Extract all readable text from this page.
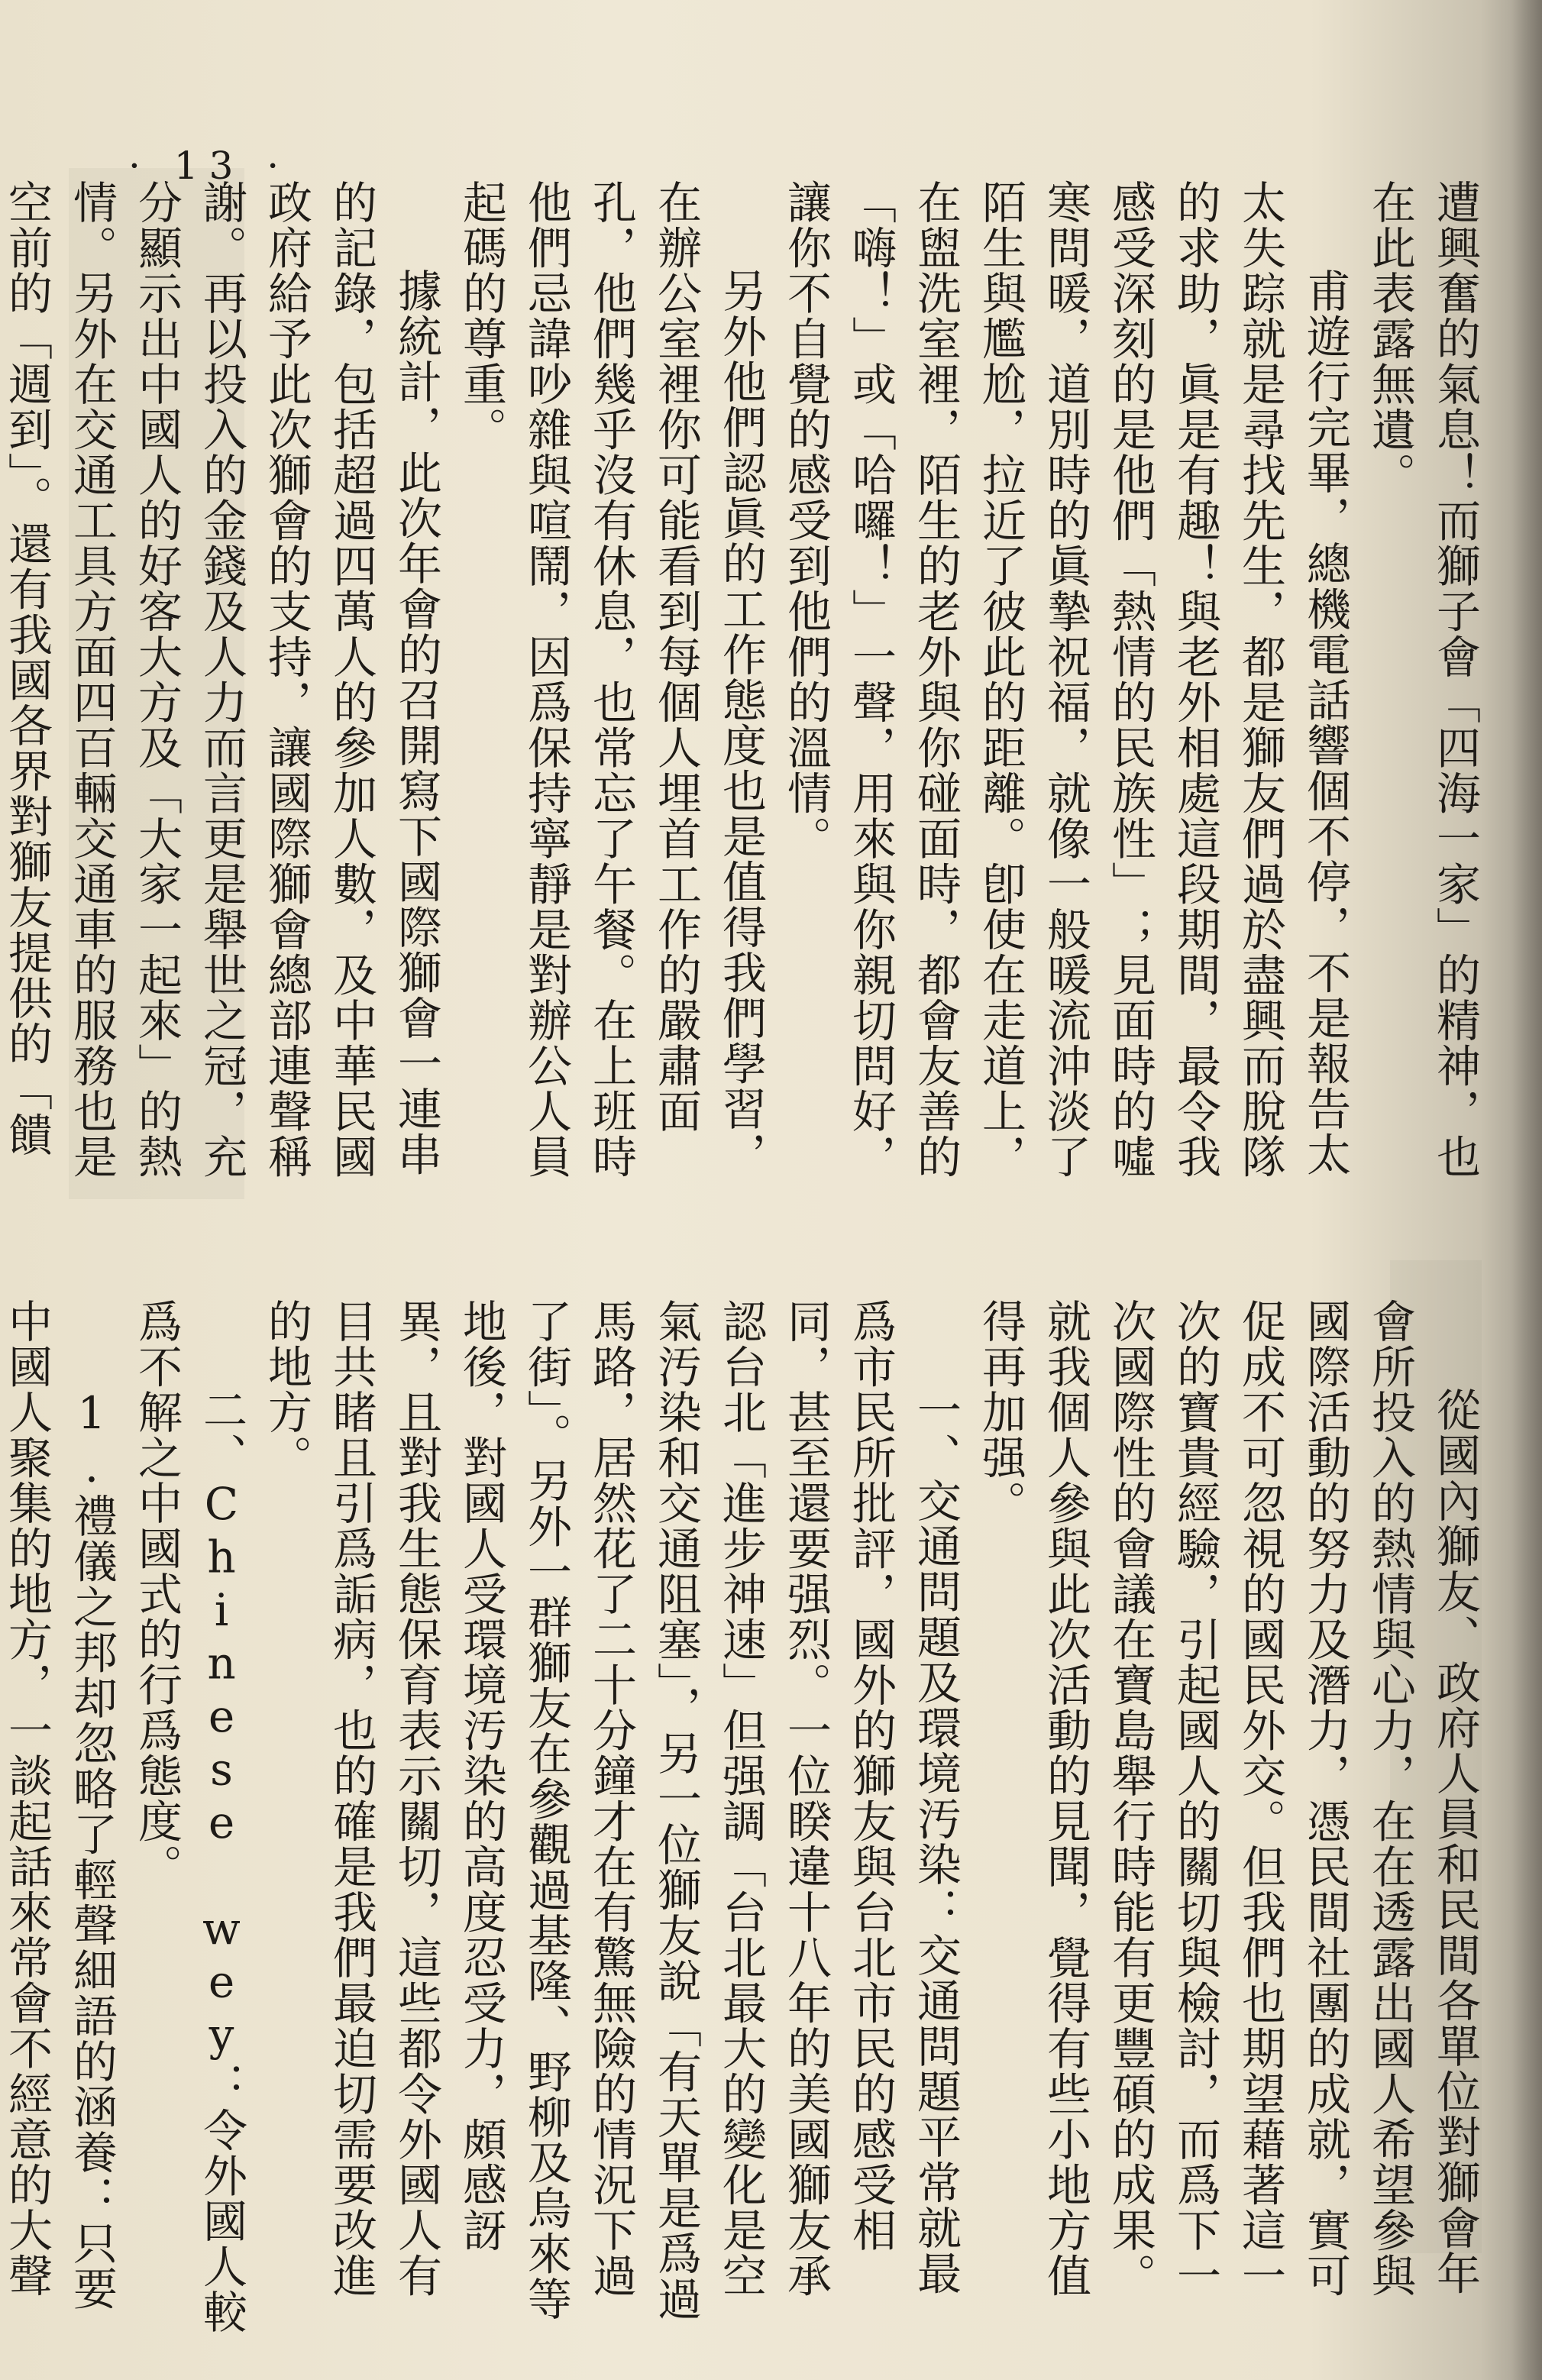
· 13 ·

遭興奮的氣息！而獅子會「四海一家」的精神，也在此表露無遺。

甫遊行完畢，總機電話響個不停，不是報告太太失踪就是尋找先生，都是獅友們過於盡興而脫隊的求助，眞是有趣！與老外相處這段期間，最令我感受深刻的是他們「熱情的民族性」；見面時的噓寒問暖，道別時的眞摯祝福，就像一般暖流沖淡了陌生與尷尬，拉近了彼此的距離。卽使在走道上，在盥洗室裡，陌生的老外與你碰面時，都會友善的「嗨！」或「哈囉！」一聲，用來與你親切問好，讓你不自覺的感受到他們的溫情。

另外他們認眞的工作態度也是值得我們學習，在辦公室裡你可能看到每個人埋首工作的嚴肅面孔，他們幾乎沒有休息，也常忘了午餐。在上班時他們忌諱吵雜與喧鬧，因爲保持寧靜是對辦公人員起碼的尊重。

據統計，此次年會的召開寫下國際獅會一連串的記錄，包括超過四萬人的參加人數，及中華民國政府給予此次獅會的支持，讓國際獅會總部連聲稱謝。再以投入的金錢及人力而言更是舉世之冠，充分顯示出中國人的好客大方及「大家一起來」的熱情。另外在交通工具方面四百輛交通車的服務也是空前的「週到」。還有我國各界對獅友提供的「饋

從國內獅友、政府人員和民間各單位對獅會年會所投入的熱情與心力，在在透露出國人希望參與國際活動的努力及潛力，憑民間社團的成就，實可促成不可忽視的國民外交。但我們也期望藉著這一次的寶貴經驗，引起國人的關切與檢討，而爲下一次國際性的會議在寶島舉行時能有更豐碩的成果。就我個人參與此次活動的見聞，覺得有些小地方值得再加强。

一、交通問題及環境汚染：交通問題平常就最爲市民所批評，國外的獅友與台北市民的感受相同，甚至還要强烈。一位睽違十八年的美國獅友承認台北「進步神速」但强調「台北最大的變化是空氣汚染和交通阻塞」，另一位獅友說「有天單是爲過馬路，居然花了二十分鐘才在有驚無險的情況下過了街」。另外一群獅友在參觀過基隆、野柳及烏來等地後，對國人受環境汚染的高度忍受力，頗感訝異，且對我生態保育表示關切，這些都令外國人有目共睹且引爲詬病，也的確是我們最迫切需要改進的地方。

二、Chinese wey：令外國人較爲不解之中國式的行爲態度。

1.禮儀之邦却忽略了輕聲細語的涵養：只要中國人聚集的地方，一談起話來常會不經意的大聲
